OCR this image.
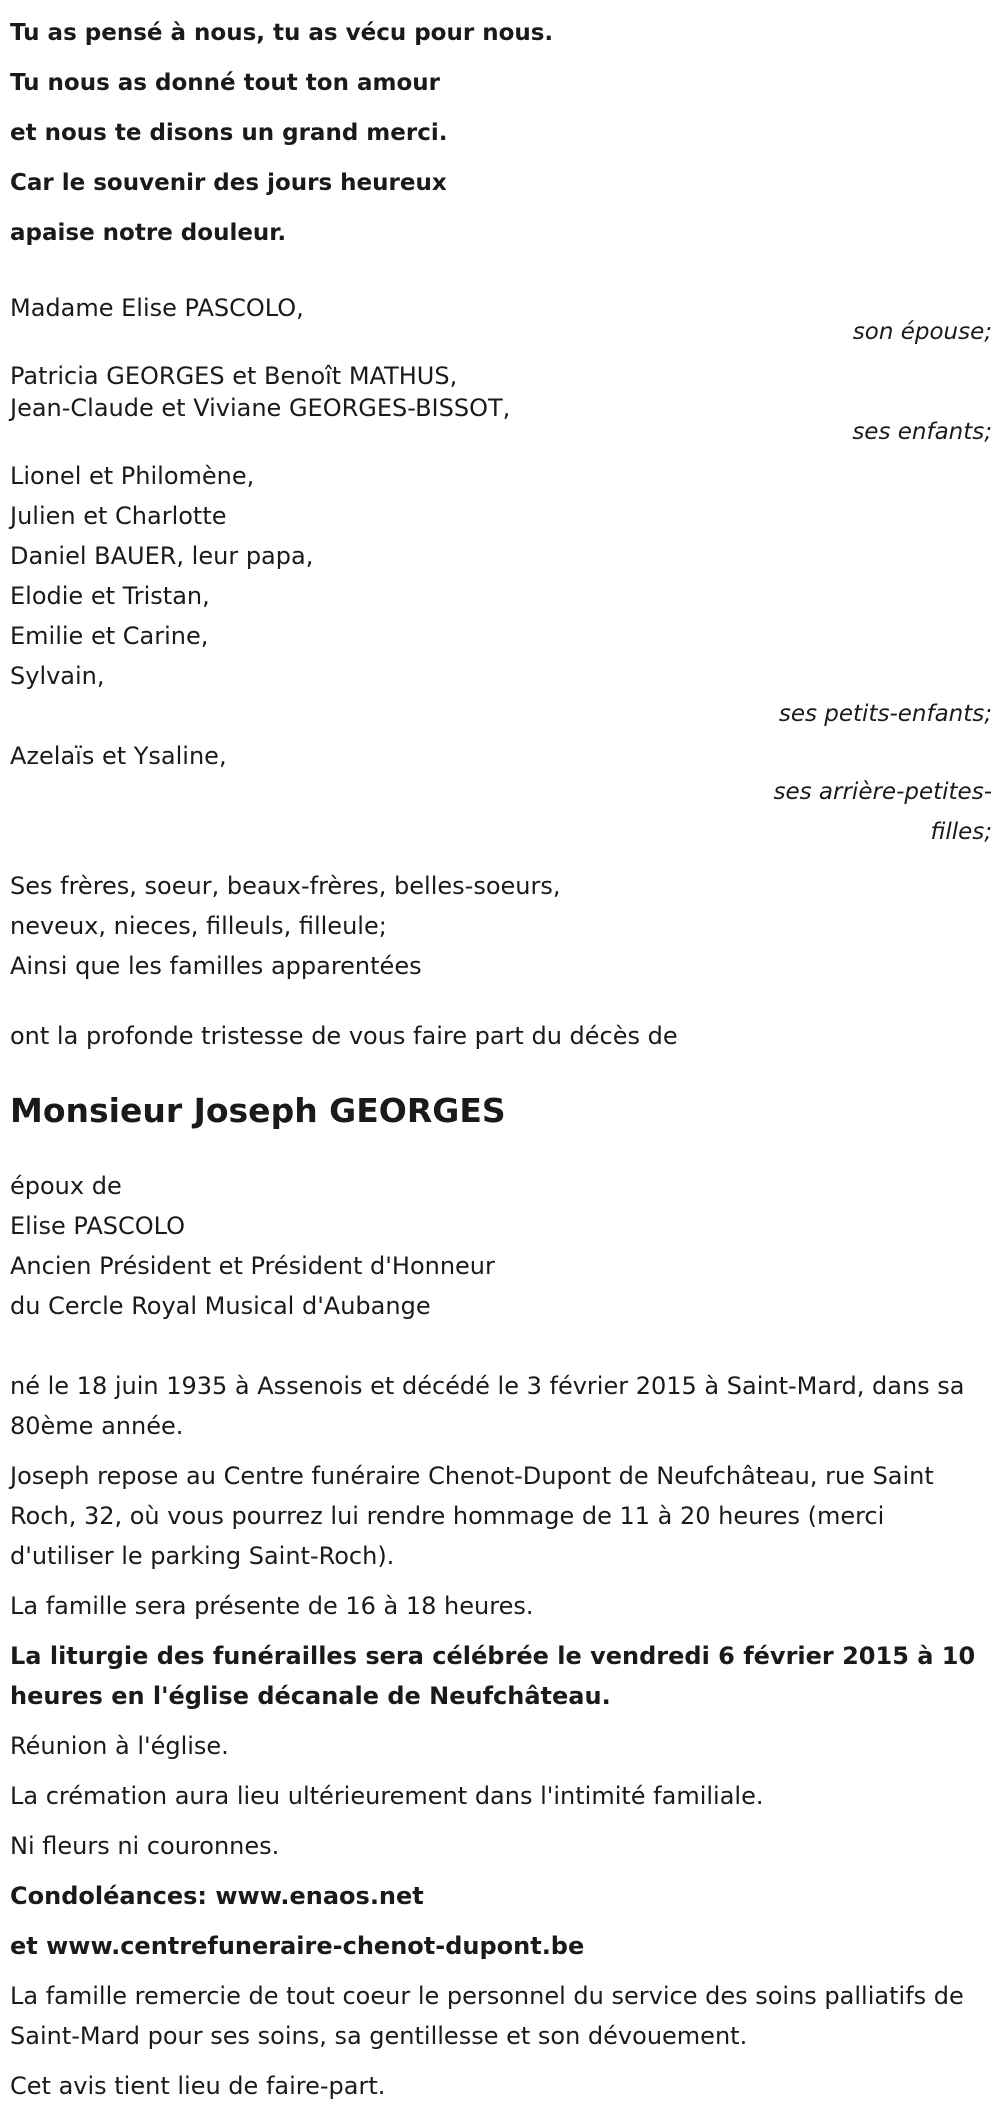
Tu as pensé à nous, tu as vécu pour nous.
Tu nous as donné tout ton amour
et nous te disons un grand merci.
Car le souvenir des jours heureux
apaise notre douleur.
Madame Elise PASCOLO,
son épouse;
Patricia GEORGES et Benoît MATHUS,
Jean-Claude et Viviane GEORGES-BISSOT,
ses enfants;
Lionel et Philomène,
Julien et Charlotte
Daniel BAUER, leur papa,
Elodie et Tristan,
Emilie et Carine,
Sylvain,
ses petits-enfants;
Azelaïs et Ysaline,
ses arrière-petites-
filles;
Ses frères, soeur, beaux-frères, belles-soeurs,
neveux, nieces, filleuls, filleule;
Ainsi que les familles apparentées
ont la profonde tristesse de vous faire part du décès de
Monsieur Joseph GEORGES
époux de
Elise PASCOLO
Ancien Président et Président d'Honneur
du Cercle Royal Musical d'Aubange

né le 18 juin 1935 à Assenois et décédé le 3 février 2015 à Saint-Mard, dans sa 80ème année.

Joseph repose au Centre funéraire Chenot-Dupont de Neufchâteau, rue Saint Roch, 32, où vous pourrez lui rendre hommage de 11 à 20 heures (merci d'utiliser le parking Saint-Roch).

La famille sera présente de 16 à 18 heures.

La liturgie des funérailles sera célébrée le vendredi 6 février 2015 à 10 heures en l'église décanale de Neufchâteau.

Réunion à l'église.

La crémation aura lieu ultérieurement dans l'intimité familiale.

Ni fleurs ni couronnes.

Condoléances: www.enaos.net

et www.centrefuneraire-chenot-dupont.be

La famille remercie de tout coeur le personnel du service des soins palliatifs de Saint-Mard pour ses soins, sa gentillesse et son dévouement.

Cet avis tient lieu de faire-part.
